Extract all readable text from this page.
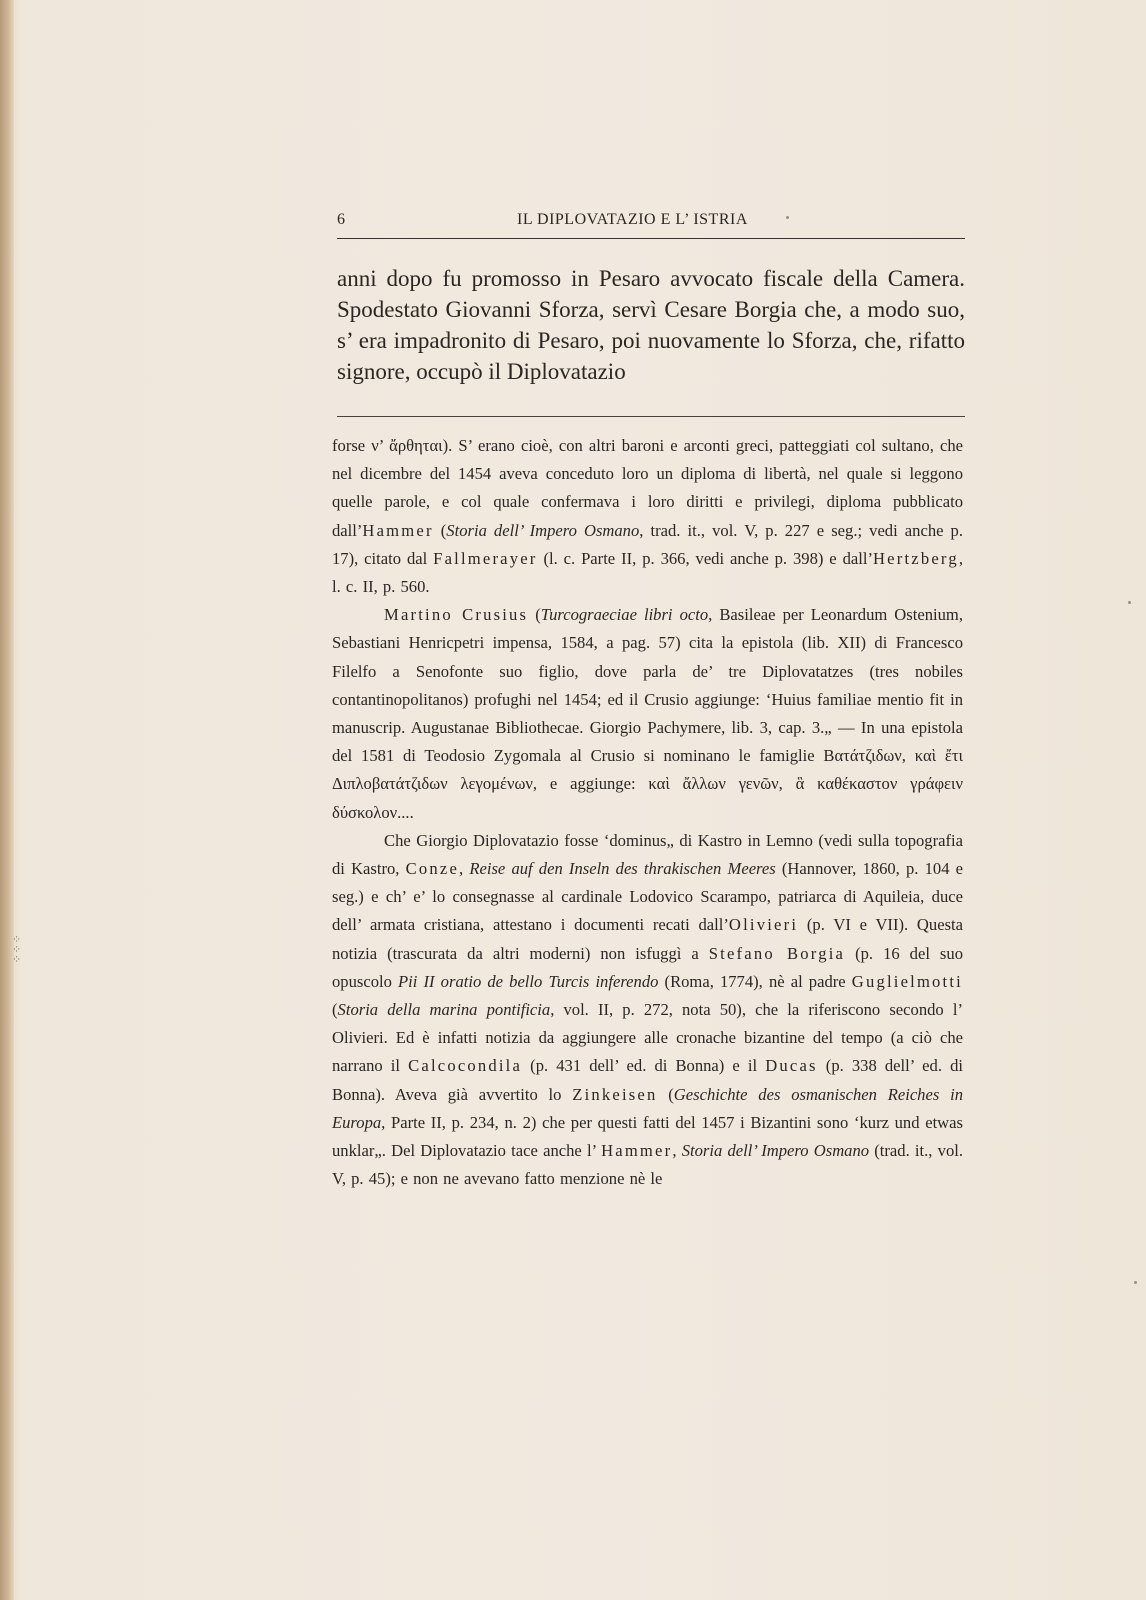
6	IL DIPLOVATAZIO E L’ ISTRIA

anni dopo fu promosso in Pesaro avvocato fiscale della Camera. Spodestato Giovanni Sforza, servì Cesare Borgia che, a modo suo, s’ era impadronito di Pesaro, poi nuovamente lo Sforza, che, rifatto signore, occupò il Diplovatazio

forse ν’ ἄρθηται). S’ erano cioè, con altri baroni e arconti greci, patteggiati col sultano, che nel dicembre del 1454 aveva conceduto loro un diploma di libertà, nel quale si leggono quelle parole, e col quale confermava i loro diritti e privilegi, diploma pubblicato dall’Hammer (Storia dell’ Impero Osmano, trad. it., vol. V, p. 227 e seg.; vedi anche p. 17), citato dal Fallmerayer (l. c. Parte II, p. 366, vedi anche p. 398) e dall’Hertzberg, l. c. II, p. 560.

Martino Crusius (Turcograeciae libri octo, Basileae per Leonardum Ostenium, Sebastiani Henricpetri impensa, 1584, a pag. 57) cita la epistola (lib. XII) di Francesco Filelfo a Senofonte suo figlio, dove parla de’ tre Diplovatatzes (tres nobiles contantinopolitanos) profughi nel 1454; ed il Crusio aggiunge: ‘Huius familiae mentio fit in manuscrip. Augustanae Bibliothecae. Giorgio Pachymere, lib. 3, cap. 3.„ — In una epistola del 1581 di Teodosio Zygomala al Crusio si nominano le famiglie Βατάτζιδων, καὶ ἔτι Διπλοβατάτζιδων λεγομένων, e aggiunge: καὶ ἄλλων γενῶν, ἃ καθέκαστον γράφειν δύσκολον....

Che Giorgio Diplovatazio fosse ‘dominus„ di Kastro in Lemno (vedi sulla topografia di Kastro, Conze, Reise auf den Inseln des thrakischen Meeres (Hannover, 1860, p. 104 e seg.) e ch’ e’ lo consegnasse al cardinale Lodovico Scarampo, patriarca di Aquileia, duce dell’ armata cristiana, attestano i documenti recati dall’Olivieri (p. VI e VII). Questa notizia (trascurata da altri moderni) non isfuggì a Stefano Borgia (p. 16 del suo opuscolo Pii II oratio de bello Turcis inferendo (Roma, 1774), nè al padre Guglielmotti (Storia della marina pontificia, vol. II, p. 272, nota 50), che la riferiscono secondo l’ Olivieri. Ed è infatti notizia da aggiungere alle cronache bizantine del tempo (a ciò che narrano il Calcocondila (p. 431 dell’ ed. di Bonna) e il Ducas (p. 338 dell’ ed. di Bonna). Aveva già avvertito lo Zinkeisen (Geschichte des osmanischen Reiches in Europa, Parte II, p. 234, n. 2) che per questi fatti del 1457 i Bizantini sono ‘kurz und etwas unklar„. Del Diplovatazio tace anche l’ Hammer, Storia dell’ Impero Osmano (trad. it., vol. V, p. 45); e non ne avevano fatto menzione nè le

⁘
⁘
⁘
